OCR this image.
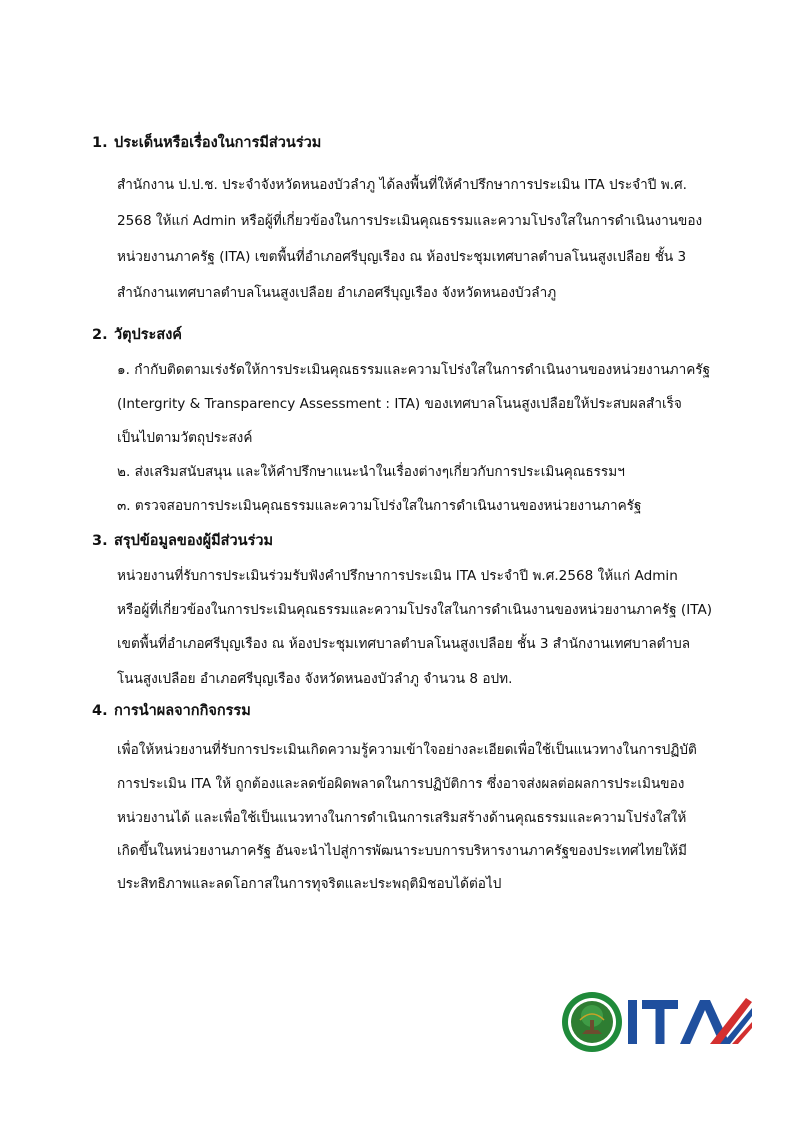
1. ประเด็นหรือเรื่องในการมีส่วนร่วม
สำนักงาน ป.ป.ช. ประจำจังหวัดหนองบัวลำภู ได้ลงพื้นที่ให้คำปรึกษาการประเมิน ITA ประจำปี พ.ศ.
2568 ให้แก่ Admin หรือผู้ที่เกี่ยวข้องในการประเมินคุณธรรมและความโปรงใสในการดำเนินงานของ
หน่วยงานภาครัฐ (ITA) เขตพื้นที่อำเภอศรีบุญเรือง ณ ห้องประชุมเทศบาลตำบลโนนสูงเปลือย ชั้น 3
สำนักงานเทศบาลตำบลโนนสูงเปลือย อำเภอศรีบุญเรือง จังหวัดหนองบัวลำภู
2. วัตุประสงค์
๑. กำกับติดตามเร่งรัดให้การประเมินคุณธรรมและความโปร่งใสในการดำเนินงานของหน่วยงานภาครัฐ
(Intergrity & Transparency Assessment : ITA) ของเทศบาลโนนสูงเปลือยให้ประสบผลสำเร็จ
เป็นไปตามวัตถุประสงค์
๒. ส่งเสริมสนับสนุน และให้คำปรึกษาแนะนำในเรื่องต่างๆเกี่ยวกับการประเมินคุณธรรมฯ
๓. ตรวจสอบการประเมินคุณธรรมและความโปร่งใสในการดำเนินงานของหน่วยงานภาครัฐ
3. สรุปข้อมูลของผู้มีส่วนร่วม
หน่วยงานที่รับการประเมินร่วมรับฟังคำปรึกษาการประเมิน ITA ประจำปี พ.ศ.2568 ให้แก่ Admin
หรือผู้ที่เกี่ยวข้องในการประเมินคุณธรรมและความโปรงใสในการดำเนินงานของหน่วยงานภาครัฐ (ITA)
เขตพื้นที่อำเภอศรีบุญเรือง ณ ห้องประชุมเทศบาลตำบลโนนสูงเปลือย ชั้น 3 สำนักงานเทศบาลตำบล
โนนสูงเปลือย อำเภอศรีบุญเรือง จังหวัดหนองบัวลำภู จำนวน 8 อปท.
4. การนำผลจากกิจกรรม
เพื่อให้หน่วยงานที่รับการประเมินเกิดความรู้ความเข้าใจอย่างละเอียดเพื่อใช้เป็นแนวทางในการปฏิบัติ
การประเมิน ITA ให้ ถูกต้องและลดข้อผิดพลาดในการปฏิบัติการ ซึ่งอาจส่งผลต่อผลการประเมินของ
หน่วยงานได้ และเพื่อใช้เป็นแนวทางในการดำเนินการเสริมสร้างด้านคุณธรรมและความโปร่งใสให้
เกิดขึ้นในหน่วยงานภาครัฐ อันจะนำไปสู่การพัฒนาระบบการบริหารงานภาครัฐของประเทศไทยให้มี
ประสิทธิภาพและลดโอกาสในการทุจริตและประพฤติมิชอบได้ต่อไป
